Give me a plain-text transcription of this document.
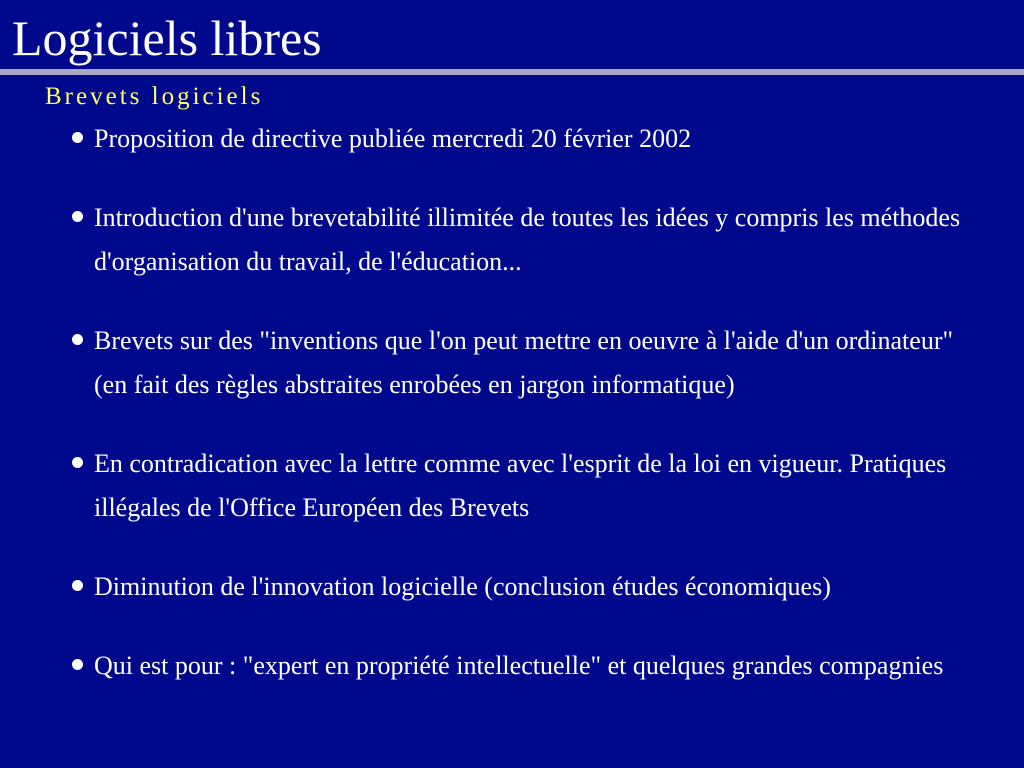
Logiciels libres
Brevets logiciels
Proposition de directive publiée mercredi 20 février 2002
Introduction d'une brevetabilité illimitée de toutes les idées y compris les méthodes d'organisation du travail, de l'éducation...
Brevets sur des "inventions que l'on peut mettre en oeuvre à l'aide d'un ordinateur" (en fait des règles abstraites enrobées en jargon informatique)
En contradication avec la lettre comme avec l'esprit de la loi en vigueur. Pratiques illégales de l'Office Européen des Brevets
Diminution de l'innovation logicielle (conclusion études économiques)
Qui est pour : "expert en propriété intellectuelle" et quelques grandes compagnies
